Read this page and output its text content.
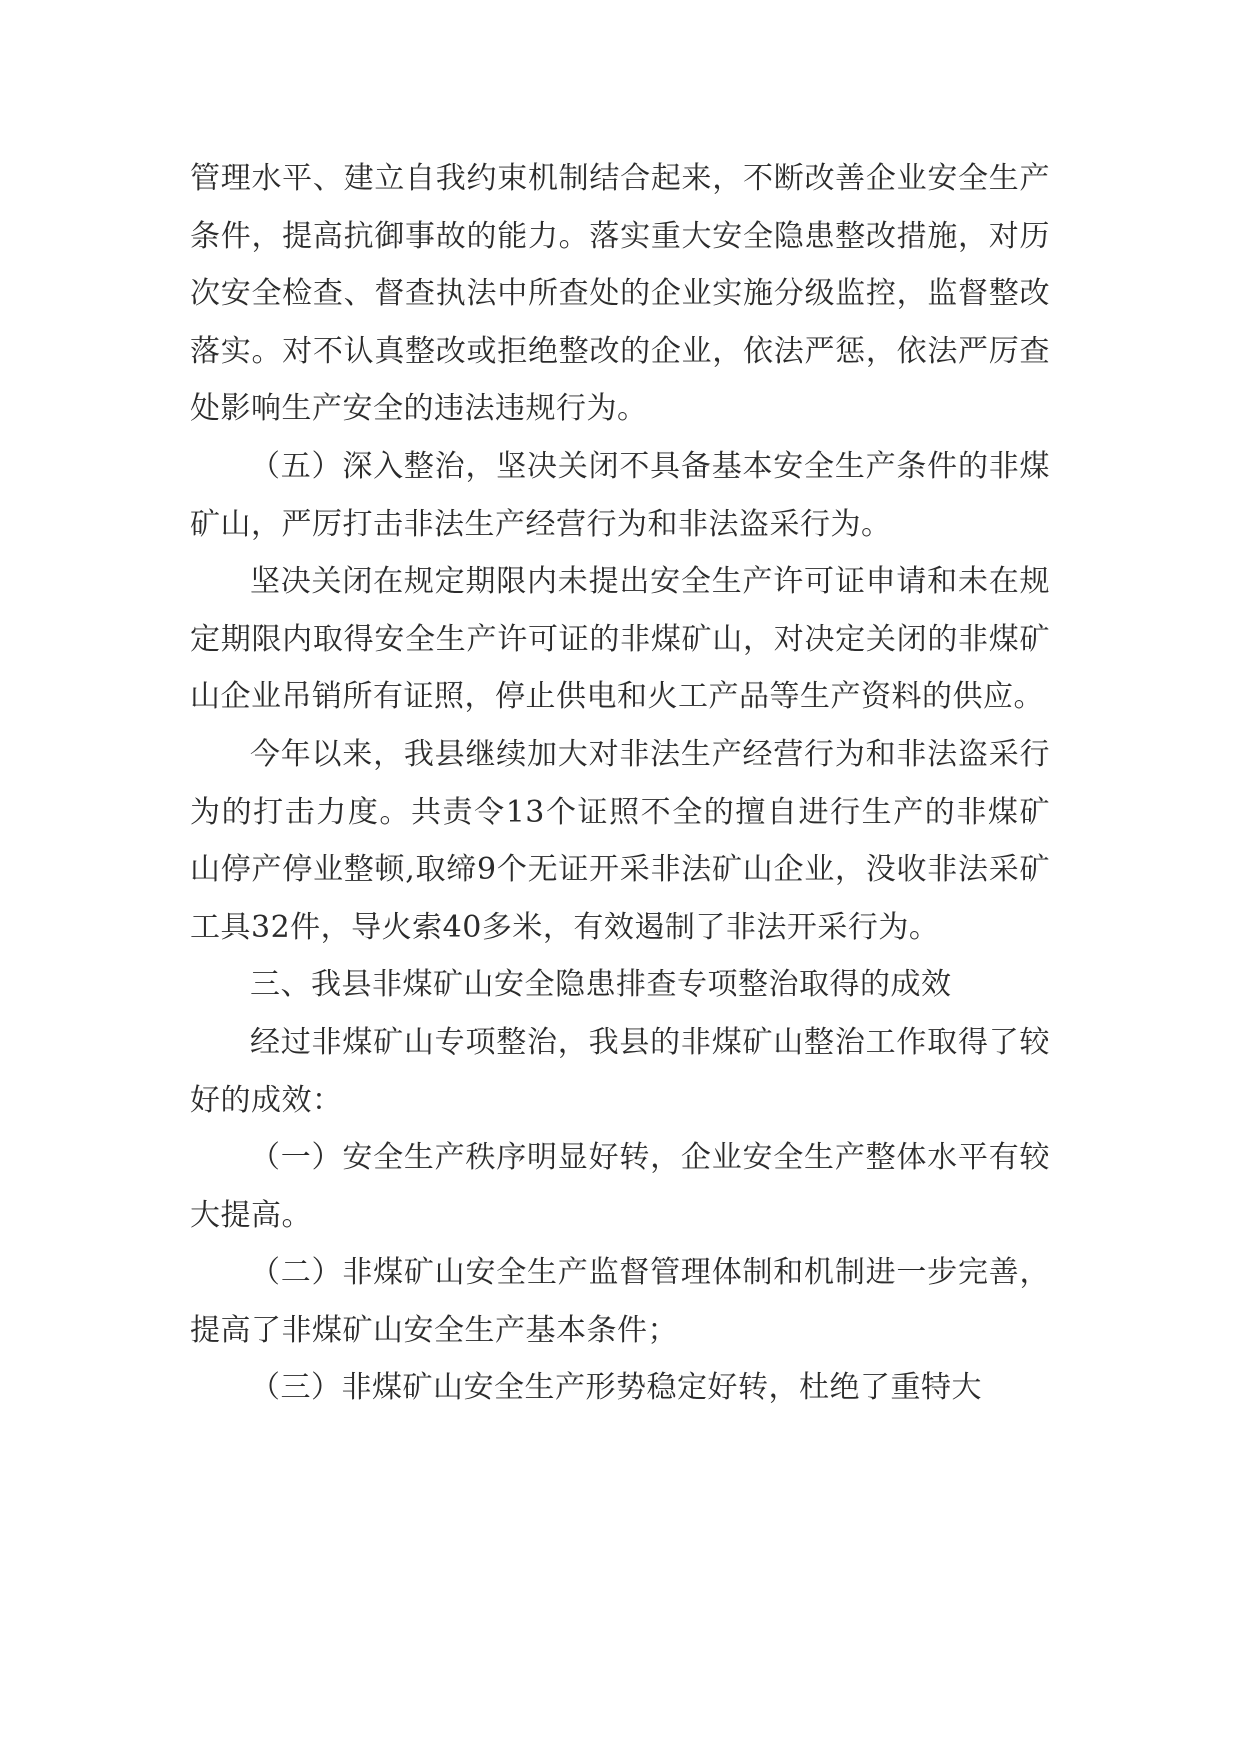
管理水平、建立自我约束机制结合起来，不断改善企业安全生产条件，提高抗御事故的能力。落实重大安全隐患整改措施，对历次安全检查、督查执法中所查处的企业实施分级监控，监督整改落实。对不认真整改或拒绝整改的企业，依法严惩，依法严厉查处影响生产安全的违法违规行为。

（五）深入整治，坚决关闭不具备基本安全生产条件的非煤矿山，严厉打击非法生产经营行为和非法盗采行为。

坚决关闭在规定期限内未提出安全生产许可证申请和未在规定期限内取得安全生产许可证的非煤矿山，对决定关闭的非煤矿山企业吊销所有证照，停止供电和火工产品等生产资料的供应。

今年以来，我县继续加大对非法生产经营行为和非法盗采行为的打击力度。共责令13个证照不全的擅自进行生产的非煤矿山停产停业整顿,取缔9个无证开采非法矿山企业，没收非法采矿工具32件，导火索40多米，有效遏制了非法开采行为。

三、我县非煤矿山安全隐患排查专项整治取得的成效

经过非煤矿山专项整治，我县的非煤矿山整治工作取得了较好的成效：

（一）安全生产秩序明显好转，企业安全生产整体水平有较大提高。

（二）非煤矿山安全生产监督管理体制和机制进一步完善，提高了非煤矿山安全生产基本条件；

（三）非煤矿山安全生产形势稳定好转，杜绝了重特大
